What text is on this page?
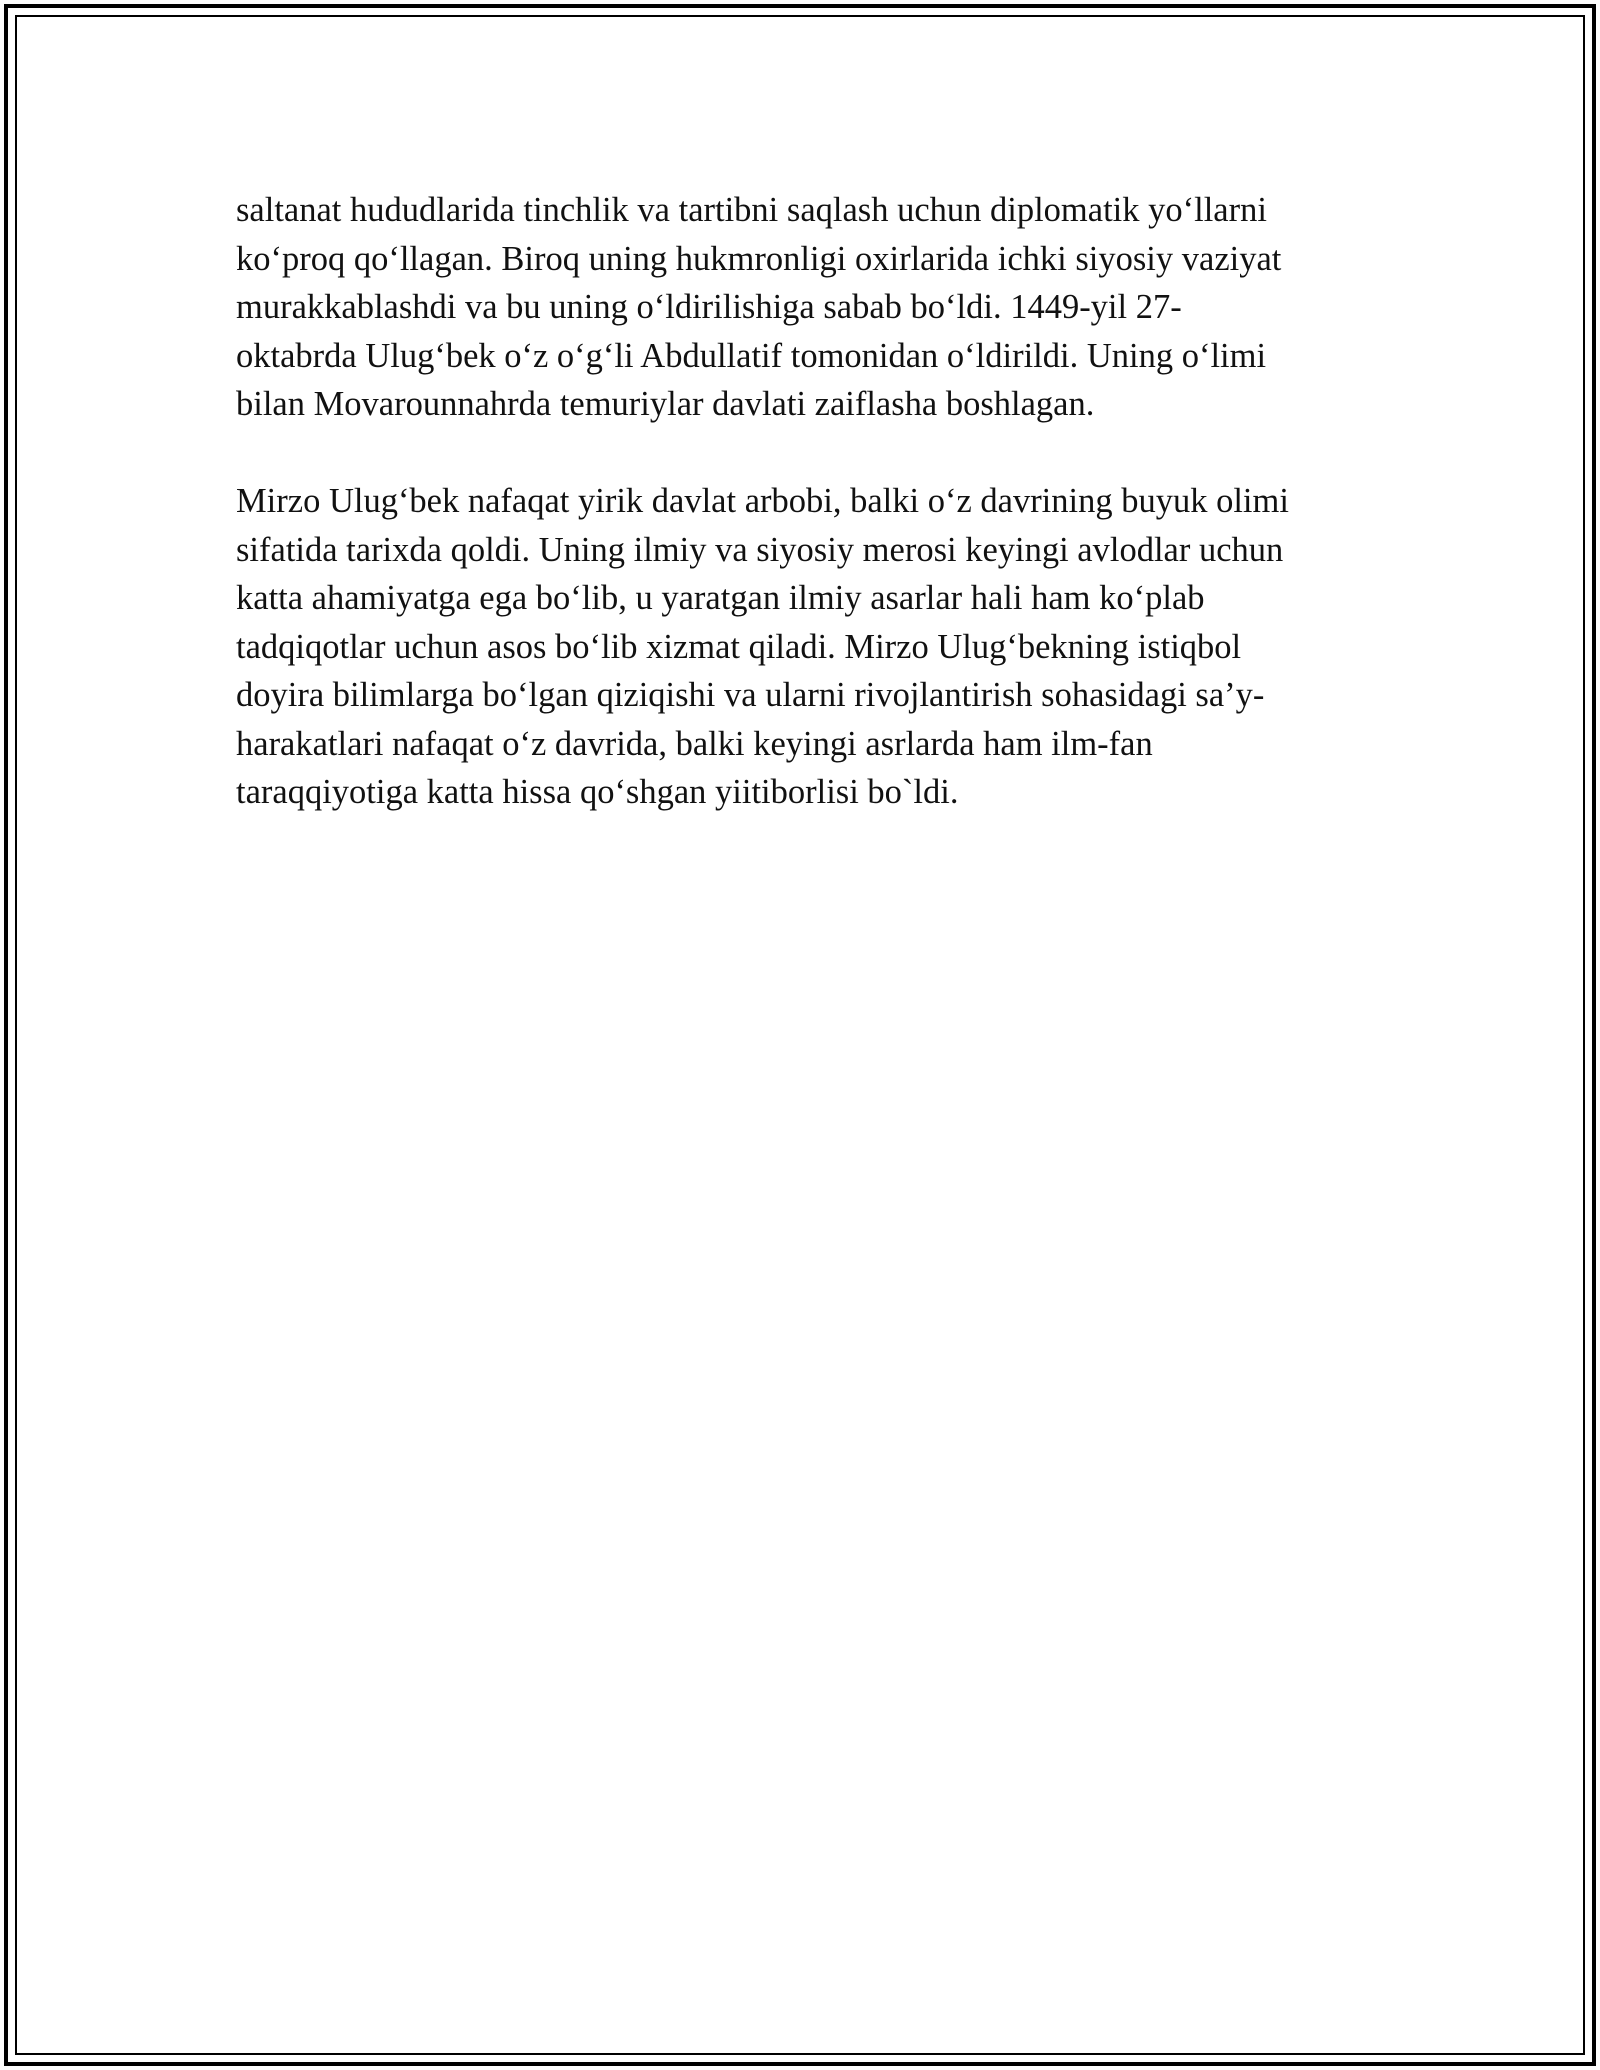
saltanat hududlarida tinchlik va tartibni saqlash uchun diplomatik yo‘llarni
ko‘proq qo‘llagan. Biroq uning hukmronligi oxirlarida ichki siyosiy vaziyat
murakkablashdi va bu uning o‘ldirilishiga sabab bo‘ldi. 1449-yil 27-
oktabrda Ulug‘bek o‘z o‘g‘li Abdullatif tomonidan o‘ldirildi. Uning o‘limi
bilan Movarounnahrda temuriylar davlati zaiflasha boshlagan.

Mirzo Ulug‘bek nafaqat yirik davlat arbobi, balki o‘z davrining buyuk olimi
sifatida tarixda qoldi. Uning ilmiy va siyosiy merosi keyingi avlodlar uchun
katta ahamiyatga ega bo‘lib, u yaratgan ilmiy asarlar hali ham ko‘plab
tadqiqotlar uchun asos bo‘lib xizmat qiladi. Mirzo Ulug‘bekning istiqbol
doyira bilimlarga bo‘lgan qiziqishi va ularni rivojlantirish sohasidagi sa’y-
harakatlari nafaqat o‘z davrida, balki keyingi asrlarda ham ilm-fan
taraqqiyotiga katta hissa qo‘shgan yiitiborlisi bo`ldi.
